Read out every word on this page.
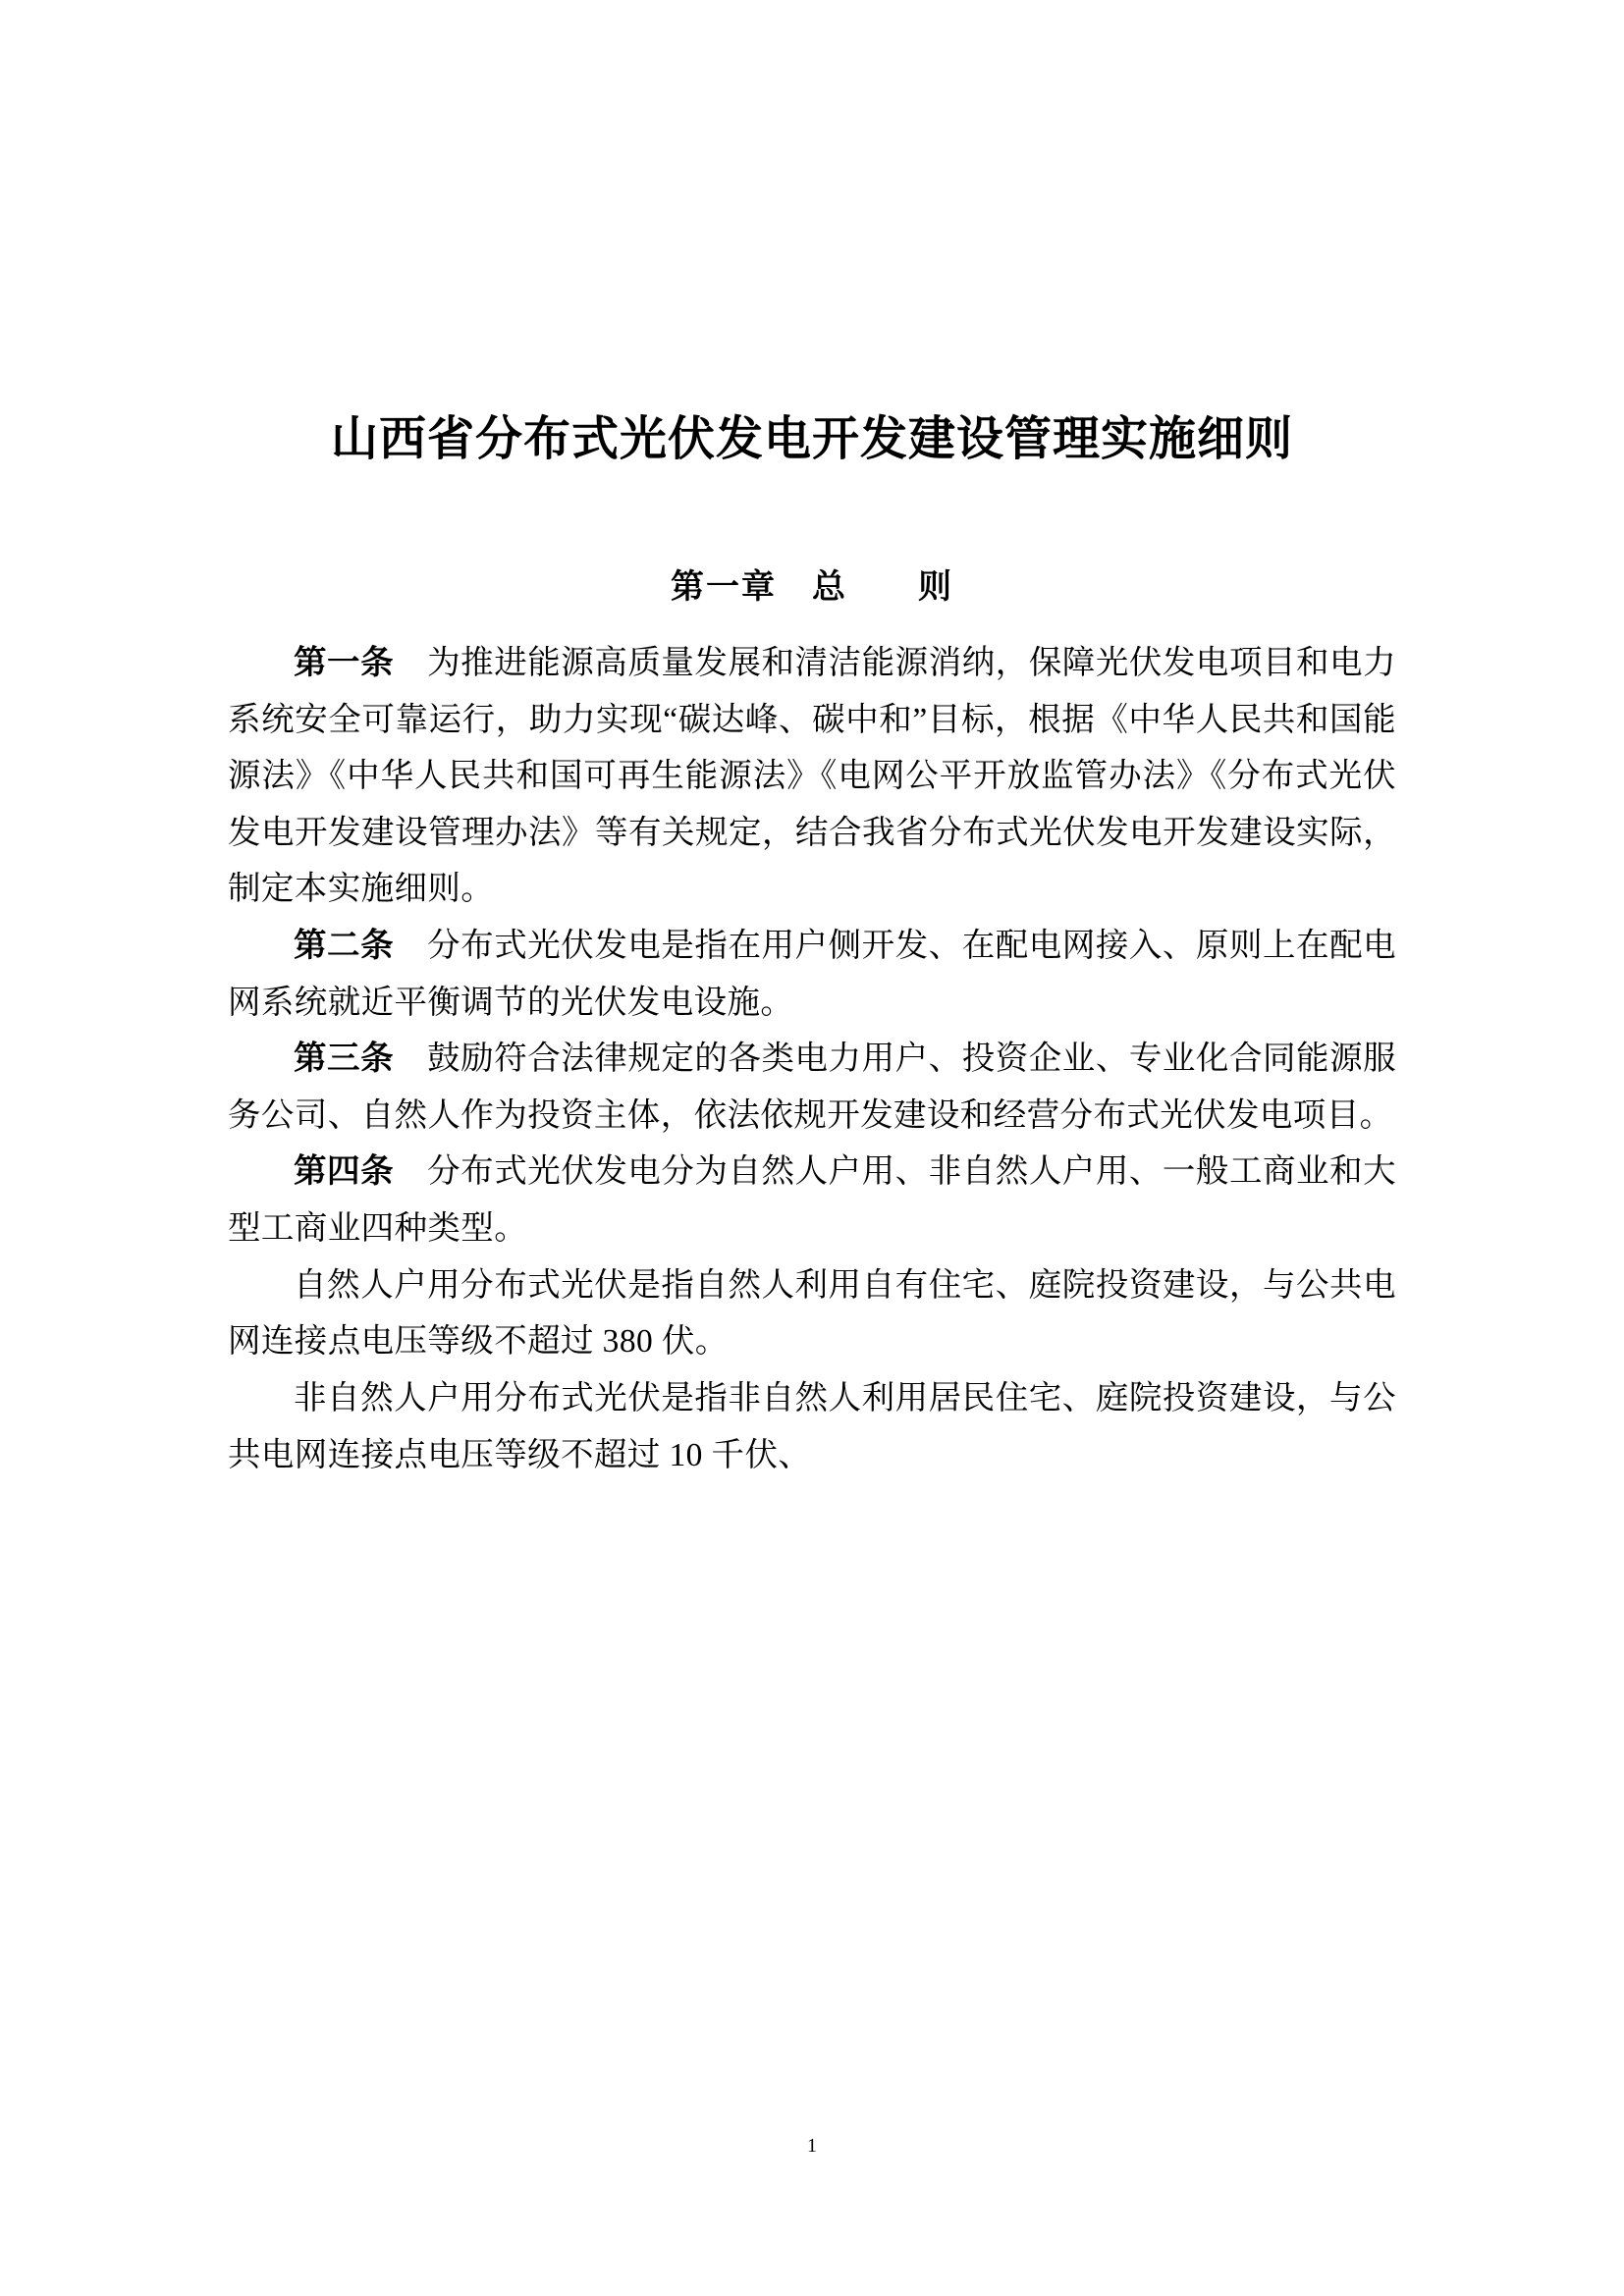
山西省分布式光伏发电开发建设管理实施细则
第一章　总　　则

第一条　为推进能源高质量发展和清洁能源消纳，保障光伏发电项目和电力系统安全可靠运行，助力实现“碳达峰、碳中和”目标，根据《中华人民共和国能源法》《中华人民共和国可再生能源法》《电网公平开放监管办法》《分布式光伏发电开发建设管理办法》等有关规定，结合我省分布式光伏发电开发建设实际，制定本实施细则。

第二条　分布式光伏发电是指在用户侧开发、在配电网接入、原则上在配电网系统就近平衡调节的光伏发电设施。

第三条　鼓励符合法律规定的各类电力用户、投资企业、专业化合同能源服务公司、自然人作为投资主体，依法依规开发建设和经营分布式光伏发电项目。

第四条　分布式光伏发电分为自然人户用、非自然人户用、一般工商业和大型工商业四种类型。

自然人户用分布式光伏是指自然人利用自有住宅、庭院投资建设，与公共电网连接点电压等级不超过 380 伏。

非自然人户用分布式光伏是指非自然人利用居民住宅、庭院投资建设，与公共电网连接点电压等级不超过 10 千伏、

1
